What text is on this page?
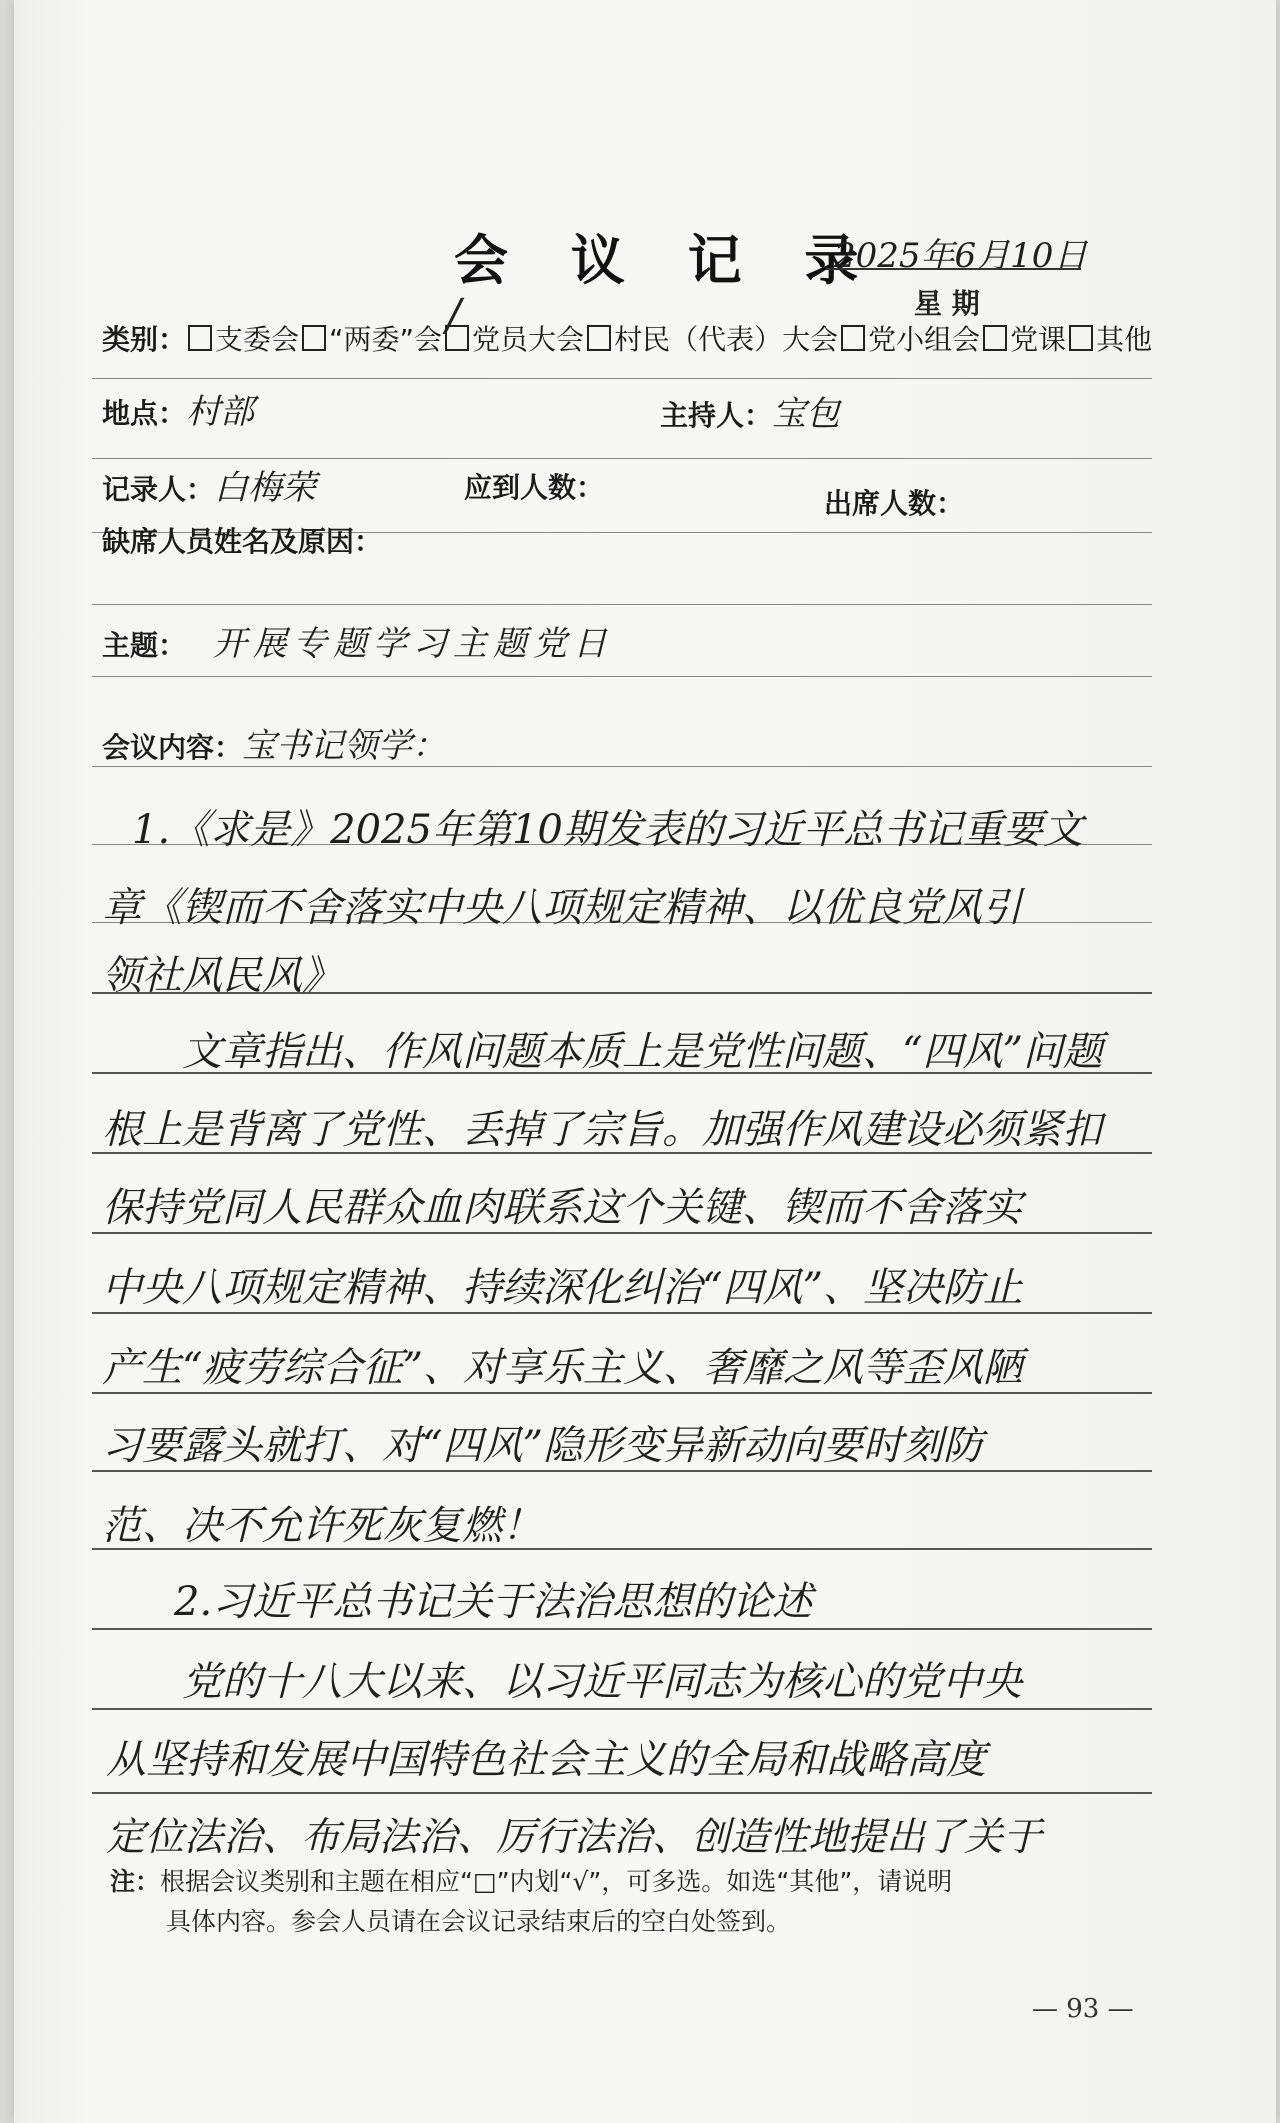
会 议 记 录
2025年6月10日
星 期
类别： 支委会 “两委”会 党员大会 村民（代表）大会 党小组会 党课 其他
/
地点：村部	主持人：宝包
记录人：白梅荣	应到人数：	出席人数：
缺席人员姓名及原因：
主题： 开展专题学习主题党日
会议内容：宝书记领学：
1.《求是》2025年第10期发表的习近平总书记重要文
章《锲而不舍落实中央八项规定精神、以优良党风引
领社风民风》
文章指出、作风问题本质上是党性问题、“四风”问题
根上是背离了党性、丢掉了宗旨。加强作风建设必须紧扣
保持党同人民群众血肉联系这个关键、锲而不舍落实
中央八项规定精神、持续深化纠治“四风”、坚决防止
产生“疲劳综合征”、对享乐主义、奢靡之风等歪风陋
习要露头就打、对“四风”隐形变异新动向要时刻防
范、决不允许死灰复燃！
2.习近平总书记关于法治思想的论述
党的十八大以来、以习近平同志为核心的党中央
从坚持和发展中国特色社会主义的全局和战略高度
定位法治、布局法治、厉行法治、创造性地提出了关于
注：根据会议类别和主题在相应“□”内划“√”，可多选。如选“其他”，请说明
具体内容。参会人员请在会议记录结束后的空白处签到。
— 93 —
